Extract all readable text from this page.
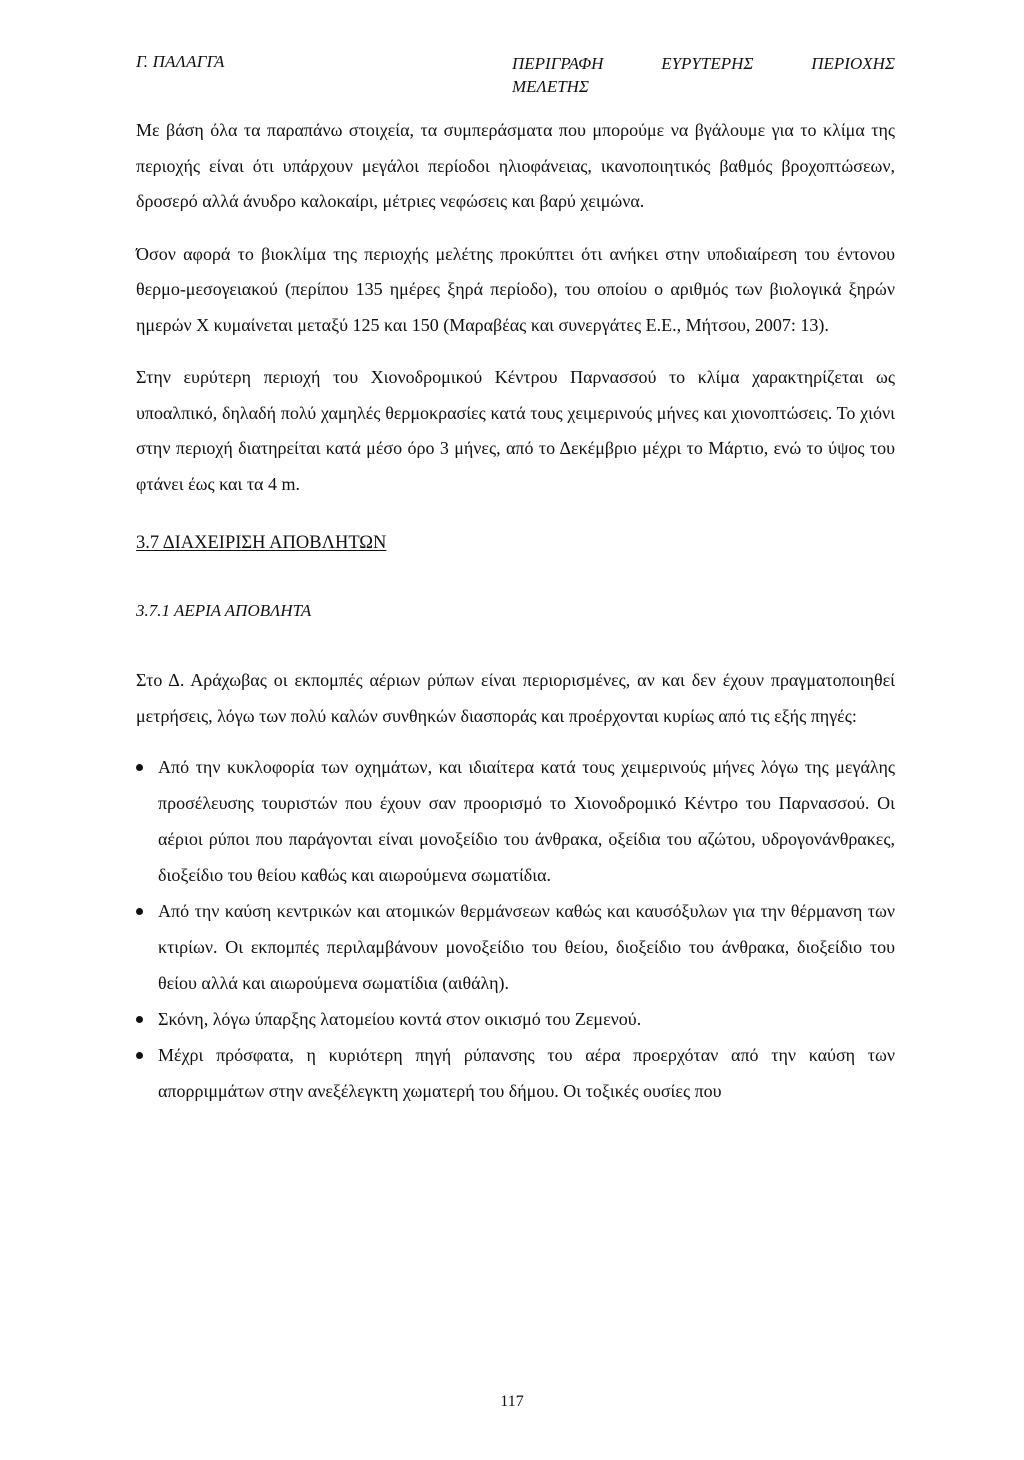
Γ. ΠΑΛΑΓΓΑ	ΠΕΡΙΓΡΑΦΗ	ΕΥΡΥΤΕΡΗΣ	ΠΕΡΙΟΧΗΣ
ΜΕΛΕΤΗΣ

Με βάση όλα τα παραπάνω στοιχεία, τα συμπεράσματα που μπορούμε να βγάλουμε για το κλίμα της περιοχής είναι ότι υπάρχουν μεγάλοι περίοδοι ηλιοφάνειας, ικανοποιητικός βαθμός βροχοπτώσεων, δροσερό αλλά άνυδρο καλοκαίρι, μέτριες νεφώσεις και βαρύ χειμώνα.

Όσον αφορά το βιοκλίμα της περιοχής μελέτης προκύπτει ότι ανήκει στην υποδιαίρεση του έντονου θερμο-μεσογειακού (περίπου 135 ημέρες ξηρά περίοδο), του οποίου ο αριθμός των βιολογικά ξηρών ημερών Χ κυμαίνεται μεταξύ 125 και 150 (Μαραβέας και συνεργάτες Ε.Ε., Μήτσου, 2007: 13).

Στην ευρύτερη περιοχή του Χιονοδρομικού Κέντρου Παρνασσού το κλίμα χαρακτηρίζεται ως υποαλπικό, δηλαδή πολύ χαμηλές θερμοκρασίες κατά τους χειμερινούς μήνες και χιονοπτώσεις. Το χιόνι στην περιοχή διατηρείται κατά μέσο όρο 3 μήνες, από το Δεκέμβριο μέχρι το Μάρτιο, ενώ το ύψος του φτάνει έως και τα 4 m.

3.7 ΔΙΑΧΕΙΡΙΣΗ ΑΠΟΒΛΗΤΩΝ
3.7.1 ΑΕΡΙΑ ΑΠΟΒΛΗΤΑ

Στο Δ. Αράχωβας οι εκπομπές αέριων ρύπων είναι περιορισμένες, αν και δεν έχουν πραγματοποιηθεί μετρήσεις, λόγω των πολύ καλών συνθηκών διασποράς και προέρχονται κυρίως από τις εξής πηγές:

Από την κυκλοφορία των οχημάτων, και ιδιαίτερα κατά τους χειμερινούς μήνες λόγω της μεγάλης προσέλευσης τουριστών που έχουν σαν προορισμό το Χιονοδρομικό Κέντρο του Παρνασσού. Οι αέριοι ρύποι που παράγονται είναι μονοξείδιο του άνθρακα, οξείδια του αζώτου, υδρογονάνθρακες, διοξείδιο του θείου καθώς και αιωρούμενα σωματίδια.
Από την καύση κεντρικών και ατομικών θερμάνσεων καθώς και καυσόξυλων για την θέρμανση των κτιρίων. Οι εκπομπές περιλαμβάνουν μονοξείδιο του θείου, διοξείδιο του άνθρακα, διοξείδιο του θείου αλλά και αιωρούμενα σωματίδια (αιθάλη).
Σκόνη, λόγω ύπαρξης λατομείου κοντά στον οικισμό του Ζεμενού.
Μέχρι πρόσφατα, η κυριότερη πηγή ρύπανσης του αέρα προερχόταν από την καύση των απορριμμάτων στην ανεξέλεγκτη χωματερή του δήμου. Οι τοξικές ουσίες που
117
